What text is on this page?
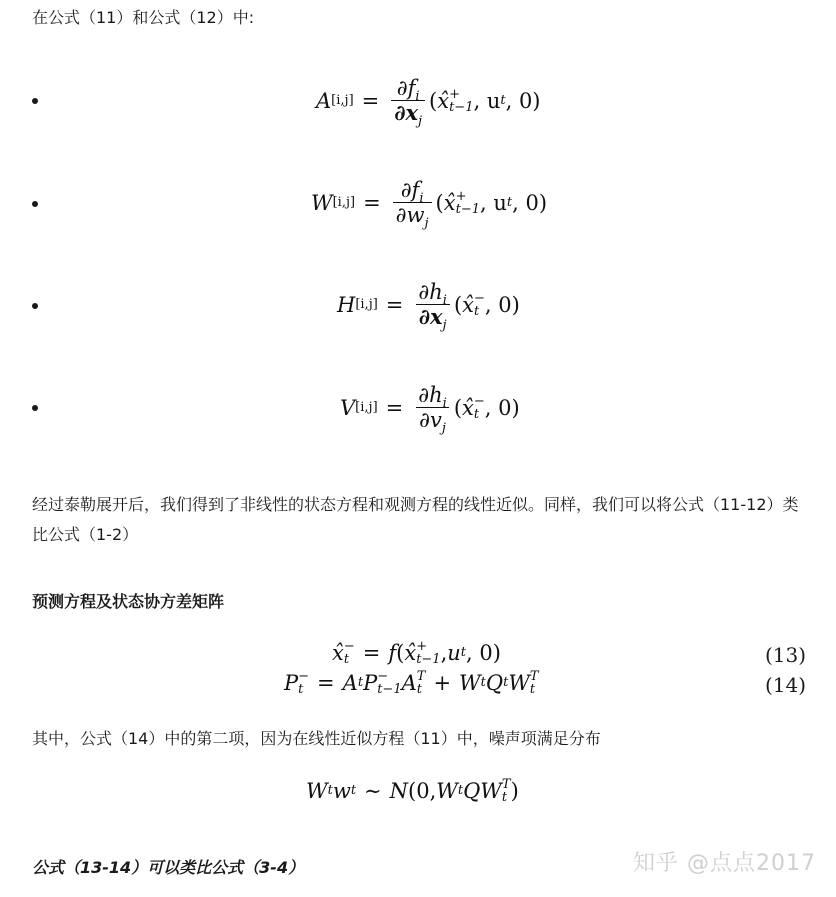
在公式（11）和公式（12）中:
A $[i,j] = \frac{\partial f_i}{\partial x_j}$ ( x̂ +
t−1 , u t , 0)
W $[i,j] = \frac{\partial f_i}{\partial w_j}$ ( x̂ +
t−1 , u t , 0)
H $[i,j] = \frac{\partial h_i}{\partial x_j}$ ( x̂ −
t , 0)
V $[i,j] = \frac{\partial h_i}{\partial v_j}$ ( x̂ −
t , 0)
经过泰勒展开后，我们得到了非线性的状态方程和观测方程的线性近似。同样，我们可以将公式（11-12）类比公式（1-2）
预测方程及状态协方差矩阵
x̂ −
t = f ( x̂ +
t−1 , u t , 0)	(13)
P −
t = A t P −
t−1 A T
t + W t Q t W T
t	(14)
其中，公式（14）中的第二项，因为在线性近似方程（11）中，噪声项满足分布
W t w t ∼ N (0, W t QW T
t )
公式（13-14）可以类比公式（3-4）	知乎 @点点2017
